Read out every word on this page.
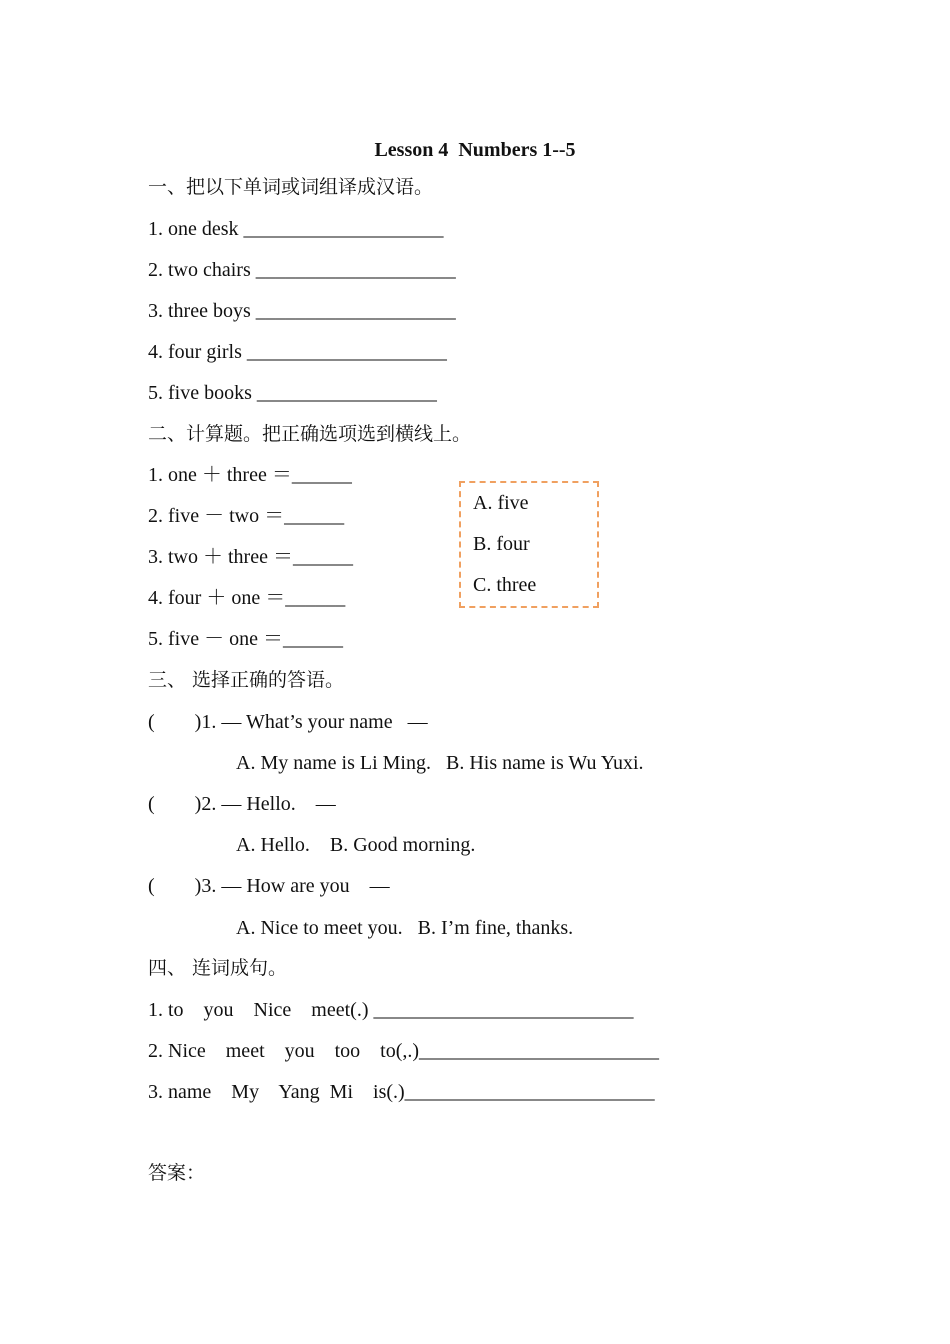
Lesson 4  Numbers 1--5
一、把以下单词或词组译成汉语。
1. one desk ____________________
2. two chairs ____________________
3. three boys ____________________
4. four girls ____________________
5. five books __________________
二、计算题。把正确选项选到横线上。
1. one ＋ three ＝______
2. five － two ＝______
3. two ＋ three ＝______
4. four ＋ one ＝______
5. five － one ＝______
A. five
B. four
C. three
三、 选择正确的答语。
(        )1. — What’s your name   —
A. My name is Li Ming.   B. His name is Wu Yuxi.
(        )2. — Hello.    —
A. Hello.    B. Good morning.
(        )3. — How are you    —
A. Nice to meet you.   B. I’m fine, thanks.
四、 连词成句。
1. to    you    Nice    meet(.) __________________________
2. Nice    meet    you    too    to(,.)________________________
3. name    My    Yang  Mi    is(.)_________________________
答案：
